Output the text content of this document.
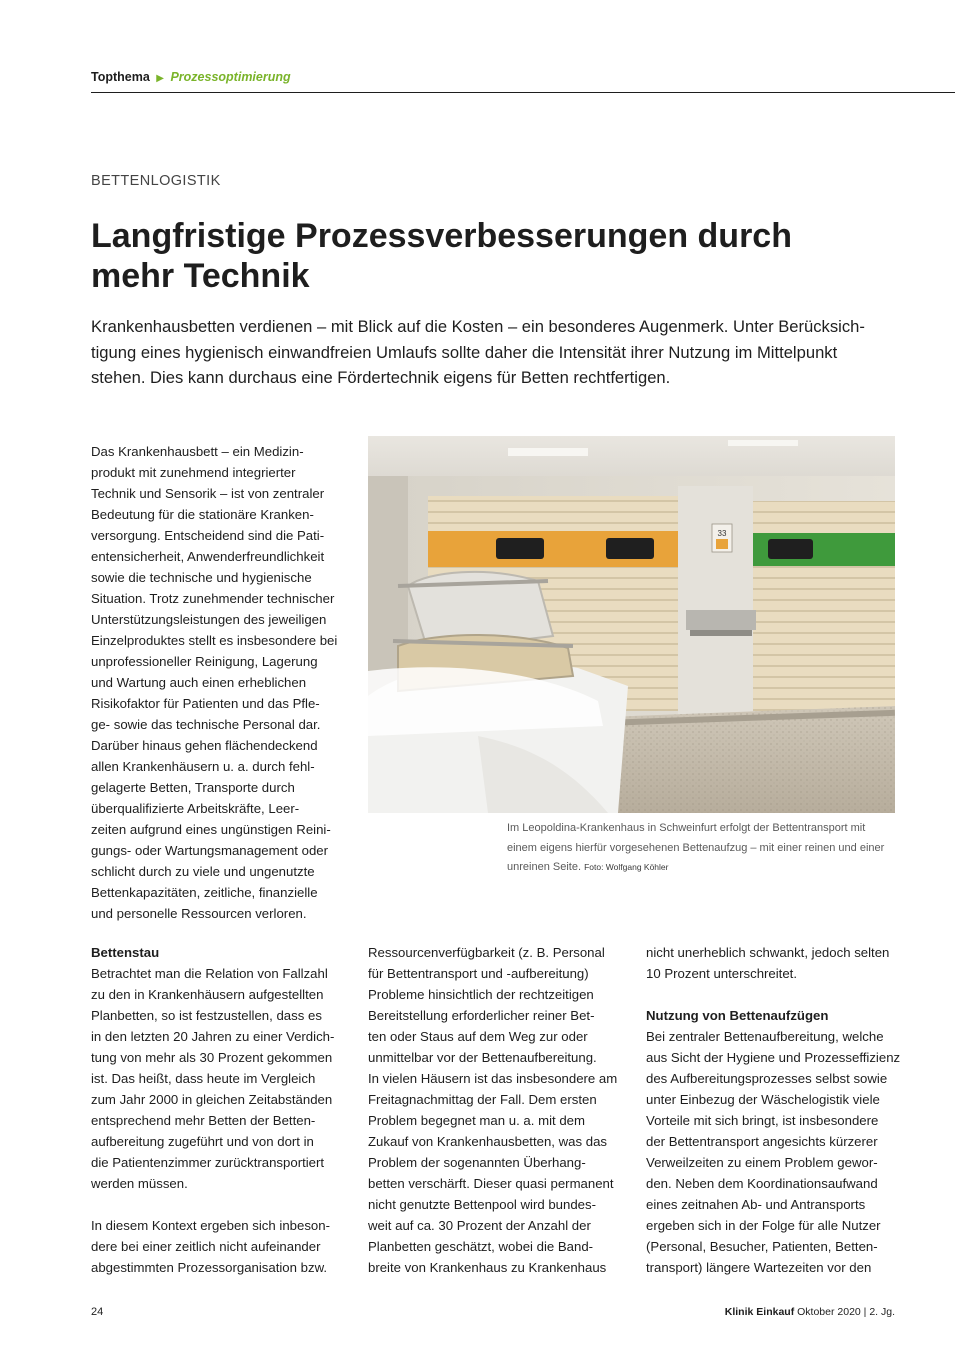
Topthema ▶ Prozessoptimierung
BETTENLOGISTIK
Langfristige Prozessverbesserungen durch mehr Technik

Krankenhausbetten verdienen – mit Blick auf die Kosten – ein besonderes Augenmerk. Unter Berücksichtigung eines hygienisch einwandfreien Umlaufs sollte daher die Intensität ihrer Nutzung im Mittelpunkt stehen. Dies kann durchaus eine Fördertechnik eigens für Betten rechtfertigen.

Das Krankenhausbett – ein Medizin-
produkt mit zunehmend integrierter
Technik und Sensorik – ist von zentraler
Bedeutung für die stationäre Kranken-
versorgung. Entscheidend sind die Pati-
entensicherheit, Anwenderfreundlichkeit
sowie die technische und hygienische
Situation. Trotz zunehmender technischer
Unterstützungsleistungen des jeweiligen
Einzelproduktes stellt es insbesondere bei
unprofessioneller Reinigung, Lagerung
und Wartung auch einen erheblichen
Risikofaktor für Patienten und das Pfle-
ge- sowie das technische Personal dar.
Darüber hinaus gehen flächendeckend
allen Krankenhäusern u. a. durch fehl-
gelagerte Betten, Transporte durch
überqualifizierte Arbeitskräfte, Leer-
zeiten aufgrund eines ungünstigen Reini-
gungs- oder Wartungsmanagement oder
schlicht durch zu viele und ungenutzte
Bettenkapazitäten, zeitliche, finanzielle
und personelle Ressourcen verloren.

33

Im Leopoldina-Krankenhaus in Schweinfurt erfolgt der Bettentransport mit einem eigens hierfür vorgesehenen Bettenaufzug – mit einer reinen und einer unreinen Seite. Foto: Wolfgang Köhler

Bettenstau

Betrachtet man die Relation von Fallzahl
zu den in Krankenhäusern aufgestellten
Planbetten, so ist festzustellen, dass es
in den letzten 20 Jahren zu einer Verdich-
tung von mehr als 30 Prozent gekommen
ist. Das heißt, dass heute im Vergleich
zum Jahr 2000 in gleichen Zeitabständen
entsprechend mehr Betten der Betten-
aufbereitung zugeführt und von dort in
die Patientenzimmer zurücktransportiert
werden müssen.

In diesem Kontext ergeben sich inbeson-
dere bei einer zeitlich nicht aufeinander
abgestimmten Prozessorganisation bzw.

Ressourcenverfügbarkeit (z. B. Personal
für Bettentransport und -aufbereitung)
Probleme hinsichtlich der rechtzeitigen
Bereitstellung erforderlicher reiner Bet-
ten oder Staus auf dem Weg zur oder
unmittelbar vor der Bettenaufbereitung.
In vielen Häusern ist das insbesondere am
Freitagnachmittag der Fall. Dem ersten
Problem begegnet man u. a. mit dem
Zukauf von Krankenhausbetten, was das
Problem der sogenannten Überhang-
betten verschärft. Dieser quasi permanent
nicht genutzte Bettenpool wird bundes-
weit auf ca. 30 Prozent der Anzahl der
Planbetten geschätzt, wobei die Band-
breite von Krankenhaus zu Krankenhaus

nicht unerheblich schwankt, jedoch selten
10 Prozent unterschreitet.

Nutzung von Bettenaufzügen

Bei zentraler Bettenaufbereitung, welche
aus Sicht der Hygiene und Prozesseffizienz
des Aufbereitungsprozesses selbst sowie
unter Einbezug der Wäschelogistik viele
Vorteile mit sich bringt, ist insbesondere
der Bettentransport angesichts kürzerer
Verweilzeiten zu einem Problem gewor-
den. Neben dem Koordinationsaufwand
eines zeitnahen Ab- und Antransports
ergeben sich in der Folge für alle Nutzer
(Personal, Besucher, Patienten, Betten-
transport) längere Wartezeiten vor den

24	Klinik Einkauf Oktober 2020 | 2. Jg.
